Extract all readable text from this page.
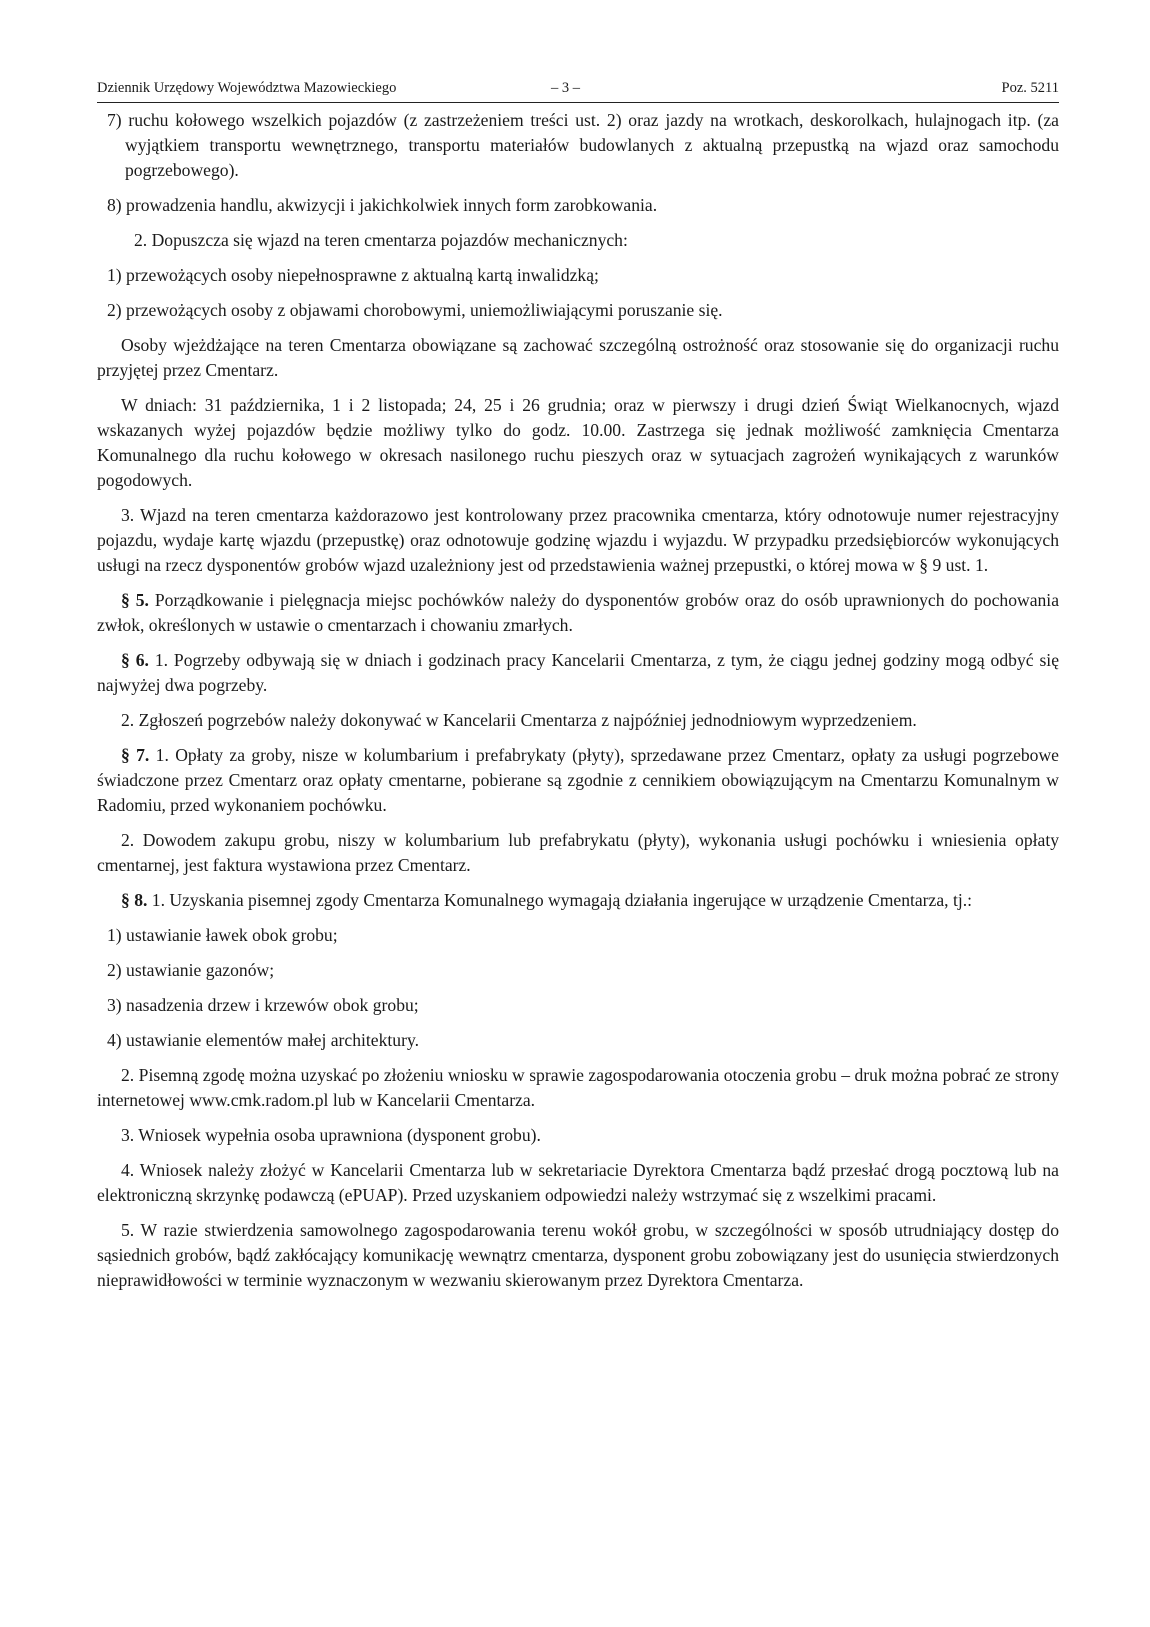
Dziennik Urzędowy Województwa Mazowieckiego	– 3 –	Poz. 5211

7) ruchu kołowego wszelkich pojazdów (z zastrzeżeniem treści ust. 2) oraz jazdy na wrotkach, deskorolkach, hulajnogach itp. (za wyjątkiem transportu wewnętrznego, transportu materiałów budowlanych z aktualną przepustką na wjazd oraz samochodu pogrzebowego).

8) prowadzenia handlu, akwizycji i jakichkolwiek innych form zarobkowania.

2. Dopuszcza się wjazd na teren cmentarza pojazdów mechanicznych:

1) przewożących osoby niepełnosprawne z aktualną kartą inwalidzką;

2) przewożących osoby z objawami chorobowymi, uniemożliwiającymi poruszanie się.

Osoby wjeżdżające na teren Cmentarza obowiązane są zachować szczególną ostrożność oraz stosowanie się do organizacji ruchu przyjętej przez Cmentarz.

W dniach: 31 października, 1 i 2 listopada; 24, 25 i 26 grudnia; oraz w pierwszy i drugi dzień Świąt Wielkanocnych, wjazd wskazanych wyżej pojazdów będzie możliwy tylko do godz. 10.00. Zastrzega się jednak możliwość zamknięcia Cmentarza Komunalnego dla ruchu kołowego w okresach nasilonego ruchu pieszych oraz w sytuacjach zagrożeń wynikających z warunków pogodowych.

3. Wjazd na teren cmentarza każdorazowo jest kontrolowany przez pracownika cmentarza, który odnotowuje numer rejestracyjny pojazdu, wydaje kartę wjazdu (przepustkę) oraz odnotowuje godzinę wjazdu i wyjazdu. W przypadku przedsiębiorców wykonujących usługi na rzecz dysponentów grobów wjazd uzależniony jest od przedstawienia ważnej przepustki, o której mowa w § 9 ust. 1.

§ 5. Porządkowanie i pielęgnacja miejsc pochówków należy do dysponentów grobów oraz do osób uprawnionych do pochowania zwłok, określonych w ustawie o cmentarzach i chowaniu zmarłych.

§ 6. 1. Pogrzeby odbywają się w dniach i godzinach pracy Kancelarii Cmentarza, z tym, że ciągu jednej godziny mogą odbyć się najwyżej dwa pogrzeby.

2. Zgłoszeń pogrzebów należy dokonywać w Kancelarii Cmentarza z najpóźniej jednodniowym wyprzedzeniem.

§ 7. 1. Opłaty za groby, nisze w kolumbarium i prefabrykaty (płyty), sprzedawane przez Cmentarz, opłaty za usługi pogrzebowe świadczone przez Cmentarz oraz opłaty cmentarne, pobierane są zgodnie z cennikiem obowiązującym na Cmentarzu Komunalnym w Radomiu, przed wykonaniem pochówku.

2. Dowodem zakupu grobu, niszy w kolumbarium lub prefabrykatu (płyty), wykonania usługi pochówku i wniesienia opłaty cmentarnej, jest faktura wystawiona przez Cmentarz.

§ 8. 1. Uzyskania pisemnej zgody Cmentarza Komunalnego wymagają działania ingerujące w urządzenie Cmentarza, tj.:

1) ustawianie ławek obok grobu;

2) ustawianie gazonów;

3) nasadzenia drzew i krzewów obok grobu;

4) ustawianie elementów małej architektury.

2. Pisemną zgodę można uzyskać po złożeniu wniosku w sprawie zagospodarowania otoczenia grobu – druk można pobrać ze strony internetowej www.cmk.radom.pl lub w Kancelarii Cmentarza.

3. Wniosek wypełnia osoba uprawniona (dysponent grobu).

4. Wniosek należy złożyć w Kancelarii Cmentarza lub w sekretariacie Dyrektora Cmentarza bądź przesłać drogą pocztową lub na elektroniczną skrzynkę podawczą (ePUAP). Przed uzyskaniem odpowiedzi należy wstrzymać się z wszelkimi pracami.

5. W razie stwierdzenia samowolnego zagospodarowania terenu wokół grobu, w szczególności w sposób utrudniający dostęp do sąsiednich grobów, bądź zakłócający komunikację wewnątrz cmentarza, dysponent grobu zobowiązany jest do usunięcia stwierdzonych nieprawidłowości w terminie wyznaczonym w wezwaniu skierowanym przez Dyrektora Cmentarza.
